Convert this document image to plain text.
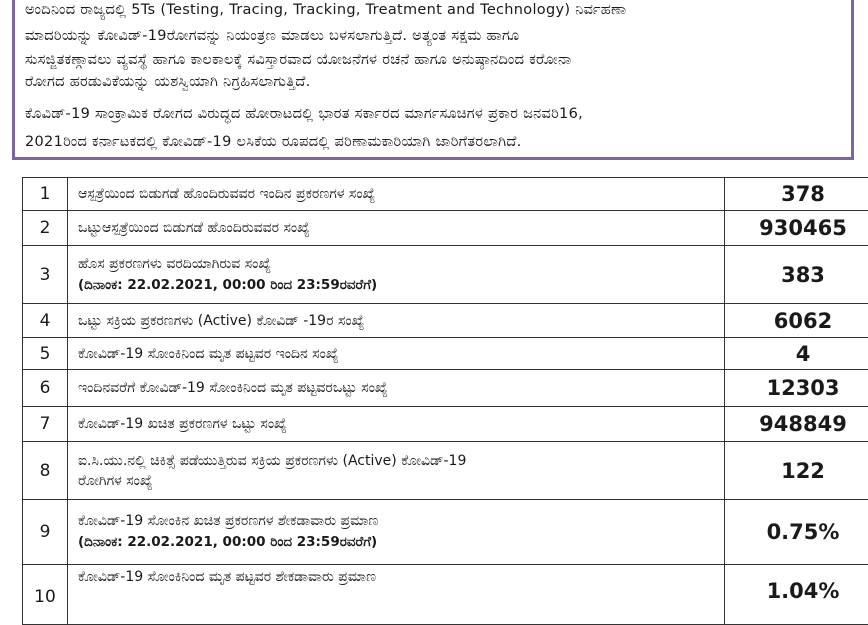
ಅಂದಿನಿಂದ ರಾಜ್ಯದಲ್ಲಿ 5Ts (Testing, Tracing, Tracking, Treatment and Technology) ನಿರ್ವಹಣಾ
ಮಾದರಿಯನ್ನು ಕೋವಿಡ್-19ರೋಗವನ್ನು ನಿಯಂತ್ರಣ ಮಾಡಲು ಬಳಸಲಾಗುತ್ತಿದೆ. ಅತ್ಯಂತ ಸಕ್ಷಮ ಹಾಗೂ
ಸುಸಜ್ಜಿತಕಣ್ಗಾವಲು ವ್ಯವಸ್ಥೆ ಹಾಗೂ ಕಾಲಕಾಲಕ್ಕೆ ಸವಿಸ್ತಾರವಾದ ಯೋಜನೆಗಳ ರಚನೆ ಹಾಗೂ ಅನುಷ್ಠಾನದಿಂದ ಕರೋನಾ
ರೋಗದ ಹರಡುವಿಕೆಯನ್ನು ಯಶಸ್ವಿಯಾಗಿ ನಿಗ್ರಹಿಸಲಾಗುತ್ತಿದೆ.
ಕೊವಿಡ್-19 ಸಾಂಕ್ರಾಮಿಕ ರೋಗದ ವಿರುದ್ಧದ ಹೋರಾಟದಲ್ಲಿ ಭಾರತ ಸರ್ಕಾರದ ಮಾರ್ಗಸೂಚಿಗಳ ಪ್ರಕಾರ ಜನವರಿ16,
2021ರಿಂದ ಕರ್ನಾಟಕದಲ್ಲಿ ಕೋವಿಡ್-19 ಲಸಿಕೆಯ ರೂಪದಲ್ಲಿ ಪರಿಣಾಮಕಾರಿಯಾಗಿ ಜಾರಿಗೆತರಲಾಗಿದೆ.
1	ಆಸ್ಪತ್ರೆಯಿಂದ ಬಿಡುಗಡೆ ಹೊಂದಿರುವವರ ಇಂದಿನ ಪ್ರಕರಣಗಳ ಸಂಖ್ಯೆ	378
2	ಒಟ್ಟುಆಸ್ಪತ್ರೆಯಿಂದ ಬಿಡುಗಡೆ ಹೊಂದಿರುವವರ ಸಂಖ್ಯೆ	930465
3	ಹೊಸ ಪ್ರಕರಣಗಳು ವರದಿಯಾಗಿರುವ ಸಂಖ್ಯೆ
(ದಿನಾಂಕ: 22.02.2021, 00:00 ರಿಂದ 23:59ರವರೆಗೆ)	383
4	ಒಟ್ಟು ಸಕ್ರಿಯ ಪ್ರಕರಣಗಳು (Active) ಕೋವಿಡ್ -19ರ ಸಂಖ್ಯೆ	6062
5	ಕೋವಿಡ್-19 ಸೋಂಕಿನಿಂದ ಮೃತ ಪಟ್ಟವರ ಇಂದಿನ ಸಂಖ್ಯೆ	4
6	ಇಂದಿನವರೆಗೆ ಕೋವಿಡ್-19 ಸೋಂಕಿನಿಂದ ಮೃತ ಪಟ್ಟವರಒಟ್ಟು ಸಂಖ್ಯೆ	12303
7	ಕೋವಿಡ್-19 ಖಚಿತ ಪ್ರಕರಣಗಳ ಒಟ್ಟು ಸಂಖ್ಯೆ	948849
8	ಐ.ಸಿ.ಯು.ನಲ್ಲಿ ಚಿಕಿತ್ಸೆ ಪಡೆಯುತ್ತಿರುವ ಸಕ್ರಿಯ ಪ್ರಕರಣಗಳು (Active) ಕೋವಿಡ್-19
ರೋಗಿಗಳ ಸಂಖ್ಯೆ	122
9	ಕೋವಿಡ್-19 ಸೋಂಕಿನ ಖಚಿತ ಪ್ರಕರಣಗಳ ಶೇಕಡಾವಾರು ಪ್ರಮಾಣ
(ದಿನಾಂಕ: 22.02.2021, 00:00 ರಿಂದ 23:59ರವರೆಗೆ)	0.75%
10	ಕೋವಿಡ್-19 ಸೋಂಕಿನಿಂದ ಮೃತ ಪಟ್ಟವರ ಶೇಕಡಾವಾರು ಪ್ರಮಾಣ	1.04%
